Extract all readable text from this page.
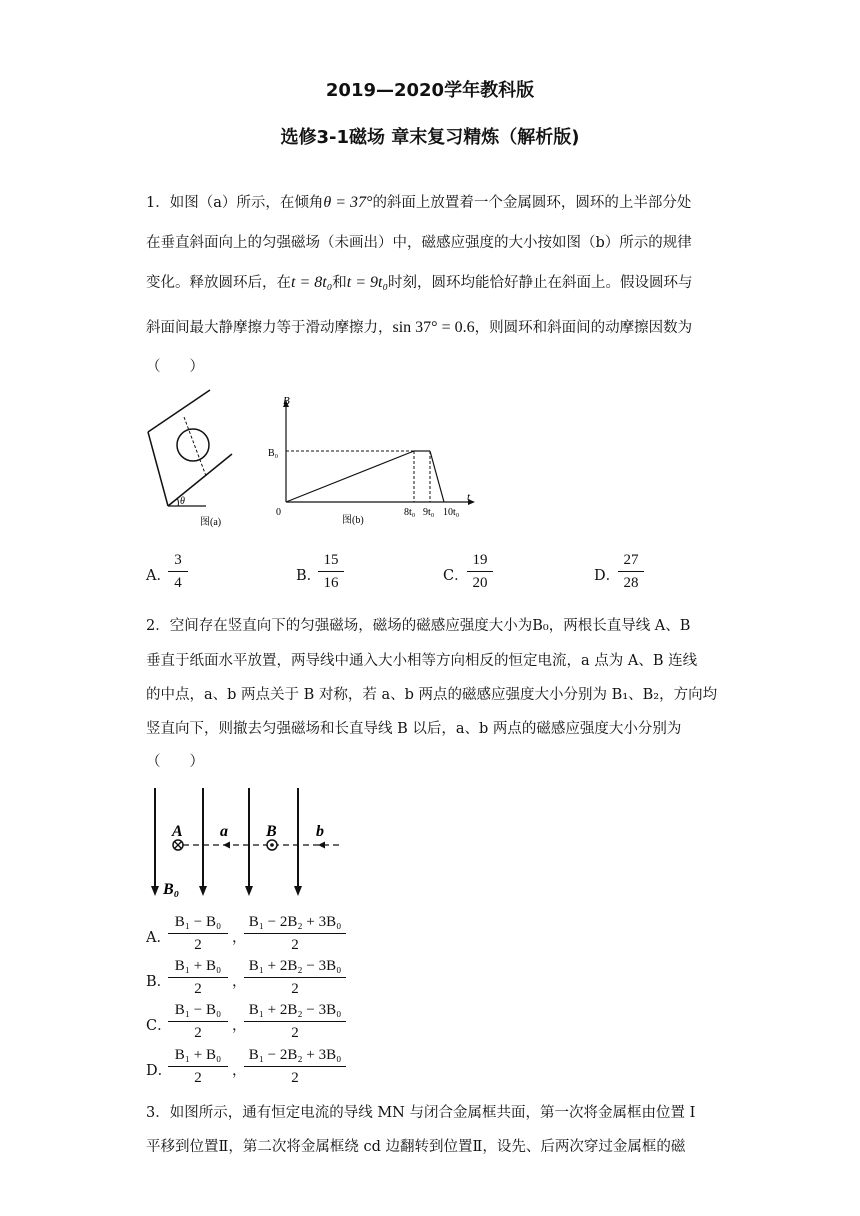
2019—2020学年教科版
选修3-1磁场 章末复习精炼（解析版)
1．如图（a）所示，在倾角θ = 37°的斜面上放置着一个金属圆环，圆环的上半部分处
在垂直斜面向上的匀强磁场（未画出）中，磁感应强度的大小按如图（b）所示的规律
变化。释放圆环后，在t = 8t₀和t = 9t₀时刻，圆环均能恰好静止在斜面上。假设圆环与
斜面间最大静摩擦力等于滑动摩擦力，sin 37° = 0.6，则圆环和斜面间的动摩擦因数为
（　　）
θ
图(a)
B
t
B₀
0	8t₀ 9t₀ 10t₀
图(b)
A．
3
4	B．
15
16	C．
19
20	D．
27
28
2．空间存在竖直向下的匀强磁场，磁场的磁感应强度大小为B₀，两根长直导线 A、B
垂直于纸面水平放置，两导线中通入大小相等方向相反的恒定电流，a 点为 A、B 连线
的中点，a、b 两点关于 B 对称，若 a、b 两点的磁感应强度大小分别为 B₁、B₂，方向均
竖直向下，则撤去匀强磁场和长直导线 B 以后，a、b 两点的磁感应强度大小分别为
（　　）
A a B b
B₀
A．
B₁ − B₀
2	，
B₁ − 2B₂ + 3B₀
2
B．
B₁ + B₀
2	，
B₁ + 2B₂ − 3B₀
2
C．
B₁ − B₀
2	，
B₁ + 2B₂ − 3B₀
2
D．
B₁ + B₀
2	，
B₁ − 2B₂ + 3B₀
2
3．如图所示，通有恒定电流的导线 MN 与闭合金属框共面，第一次将金属框由位置 Ⅰ
平移到位置Ⅱ，第二次将金属框绕 cd 边翻转到位置Ⅱ，设先、后两次穿过金属框的磁
